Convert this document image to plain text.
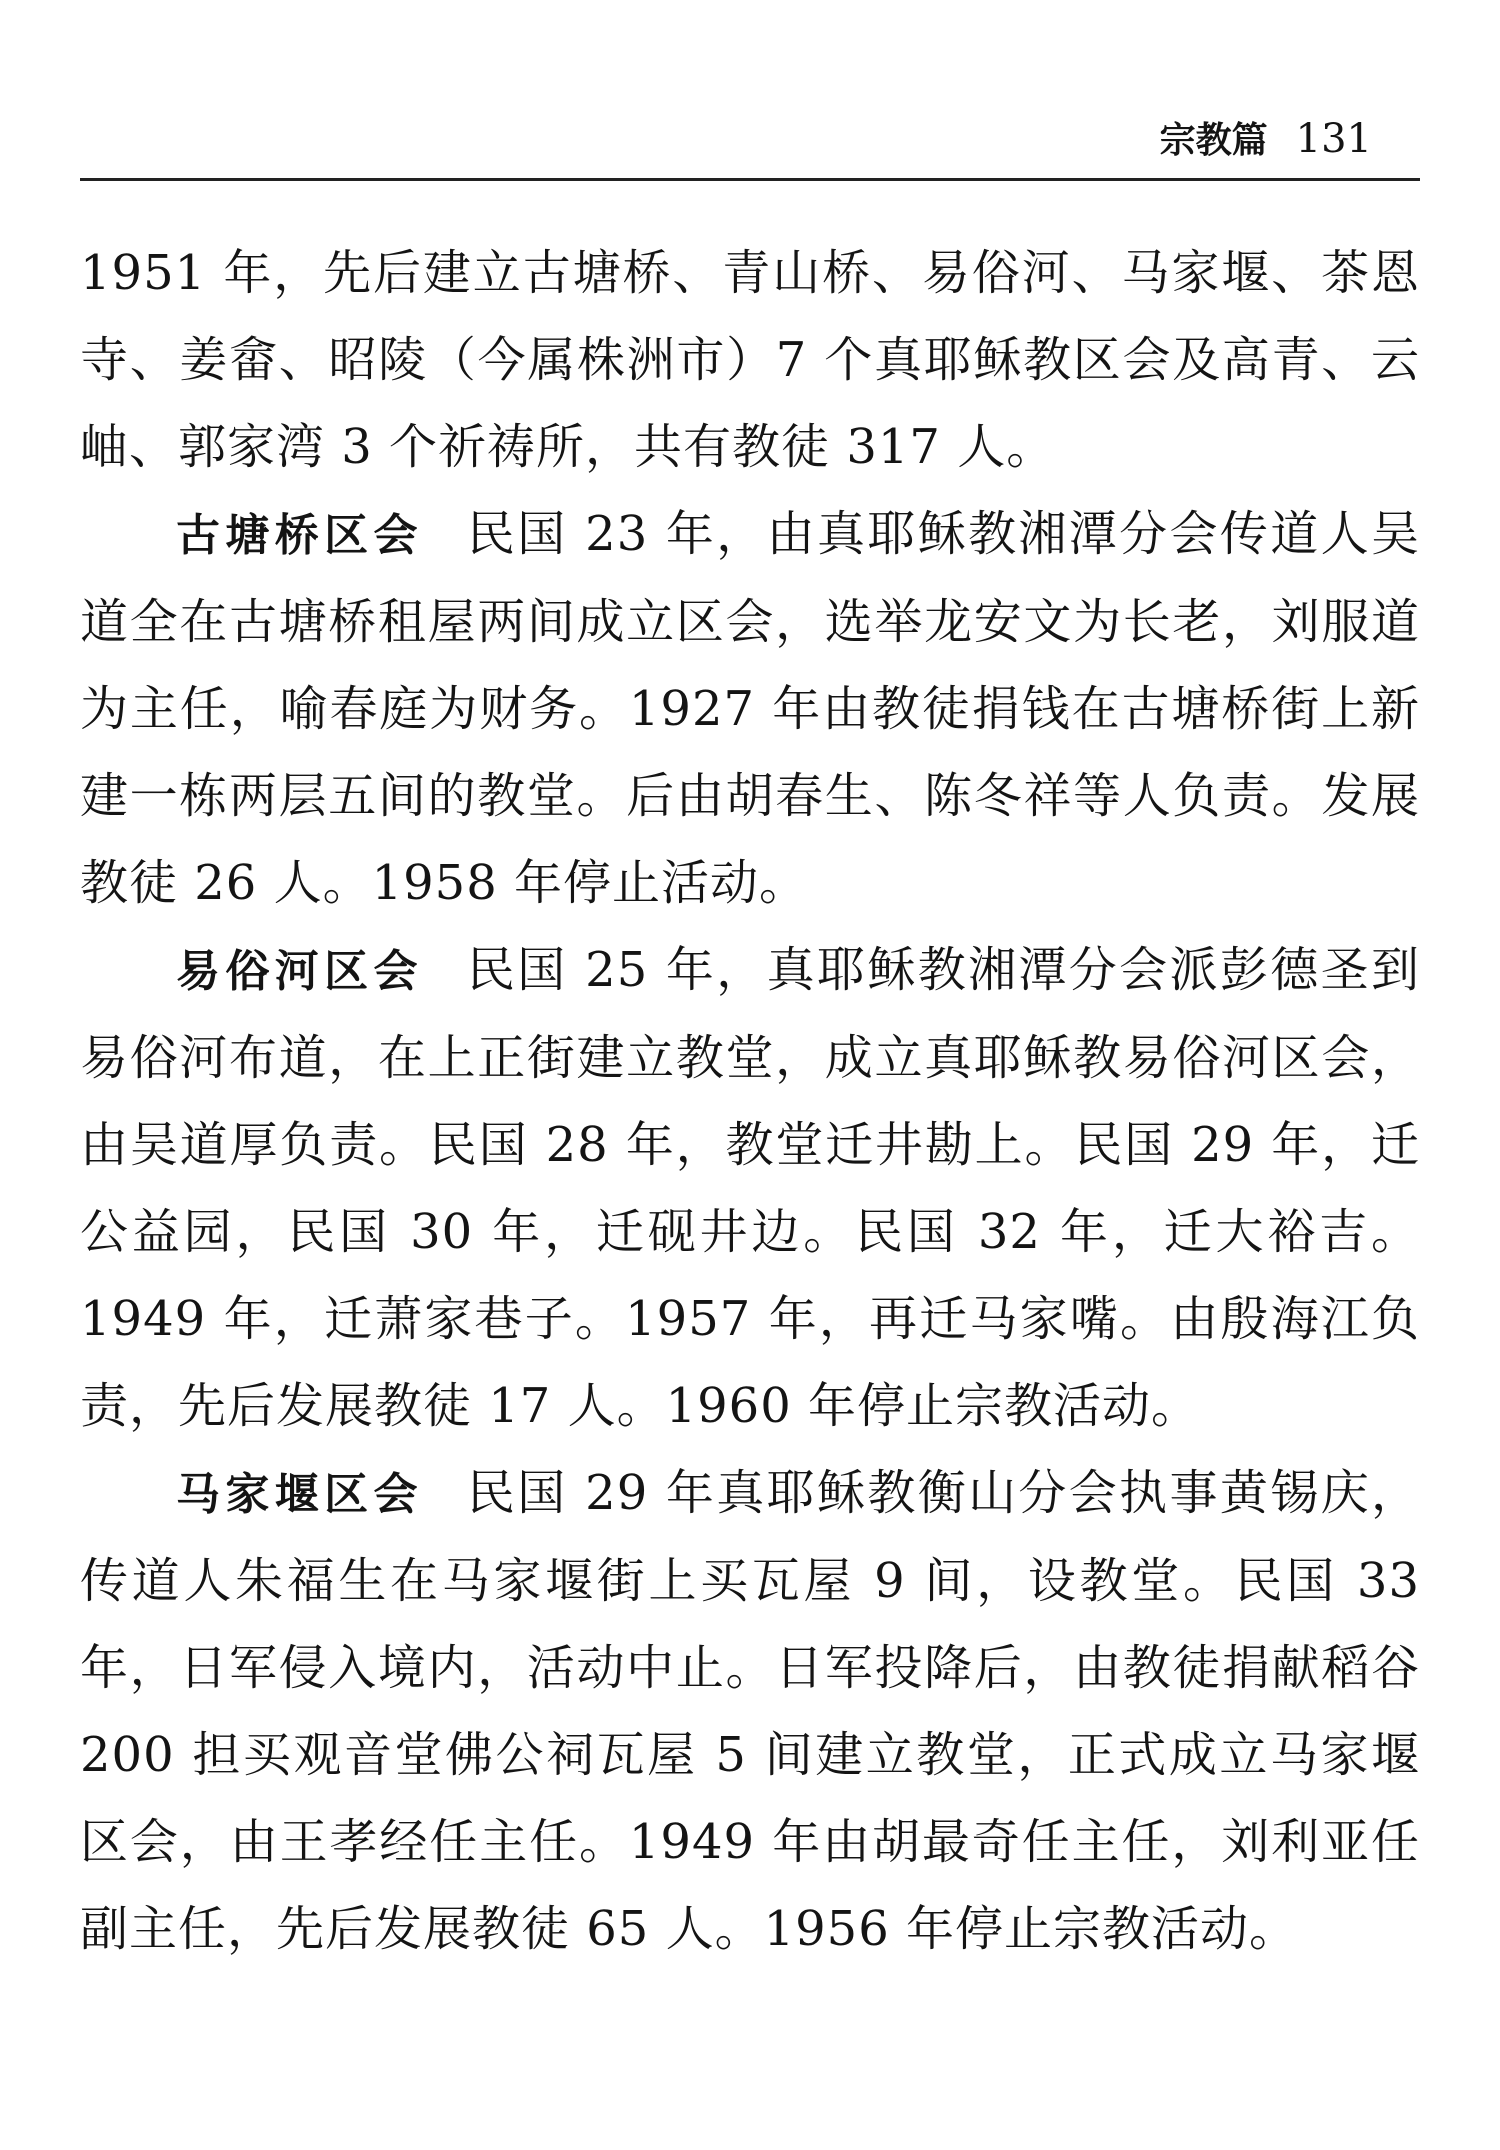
宗教篇 131

1951 年，先后建立古塘桥、青山桥、易俗河、马家堰、茶恩寺、姜畲、昭陵（今属株洲市）7 个真耶稣教区会及高青、云岫、郭家湾 3 个祈祷所，共有教徒 317 人。

古塘桥区会 民国 23 年，由真耶稣教湘潭分会传道人吴道全在古塘桥租屋两间成立区会，选举龙安文为长老，刘服道为主任，喻春庭为财务。1927 年由教徒捐钱在古塘桥街上新建一栋两层五间的教堂。后由胡春生、陈冬祥等人负责。发展教徒 26 人。1958 年停止活动。

易俗河区会 民国 25 年，真耶稣教湘潭分会派彭德圣到易俗河布道，在上正街建立教堂，成立真耶稣教易俗河区会，由吴道厚负责。民国 28 年，教堂迁井勘上。民国 29 年，迁公益园，民国 30 年，迁砚井边。民国 32 年，迁大裕吉。1949 年，迁萧家巷子。1957 年，再迁马家嘴。由殷海江负责，先后发展教徒 17 人。1960 年停止宗教活动。

马家堰区会 民国 29 年真耶稣教衡山分会执事黄锡庆，传道人朱福生在马家堰街上买瓦屋 9 间，设教堂。民国 33 年，日军侵入境内，活动中止。日军投降后，由教徒捐献稻谷 200 担买观音堂佛公祠瓦屋 5 间建立教堂，正式成立马家堰区会，由王孝经任主任。1949 年由胡最奇任主任，刘利亚任副主任，先后发展教徒 65 人。1956 年停止宗教活动。
